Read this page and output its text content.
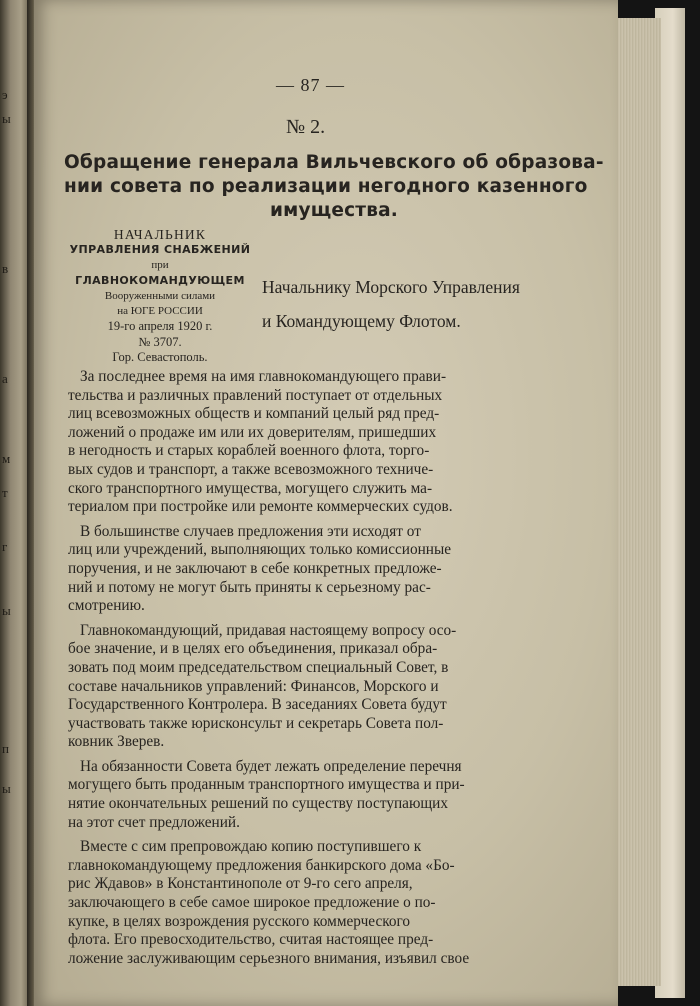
э
ы
в
а
м
т
г
ы
п
ы
— 87 —
№ 2.
Обращение генерала Вильчевского об образова-
нии совета по реализации негодного казенного
имущества.
НАЧАЛЬНИК
УПРАВЛЕНИЯ СНАБЖЕНИЙ
при
ГЛАВНОКОМАНДУЮЩЕМ
Вооруженными силами
на ЮГЕ РОССИИ
19-го апреля 1920 г.
№ 3707.
Гор. Севастополь.
Начальнику Морского Управления
и Командующему Флотом.
За последнее время на имя главнокомандующего прави-
тельства и различных правлений поступает от отдельных
лиц всевозможных обществ и компаний целый ряд пред-
ложений о продаже им или их доверителям, пришедших
в негодность и старых кораблей военного флота, торго-
вых судов и транспорт, а также всевозможного техниче-
ского транспортного имущества, могущего служить ма-
териалом при постройке или ремонте коммерческих судов.
В большинстве случаев предложения эти исходят от
лиц или учреждений, выполняющих только комиссионные
поручения, и не заключают в себе конкретных предложе-
ний и потому не могут быть приняты к серьезному рас-
смотрению.
Главнокомандующий, придавая настоящему вопросу осо-
бое значение, и в целях его объединения, приказал обра-
зовать под моим председательством специальный Совет, в
составе начальников управлений: Финансов, Морского и
Государственного Контролера. В заседаниях Совета будут
участвовать также юрисконсульт и секретарь Совета пол-
ковник Зверев.
На обязанности Совета будет лежать определение перечня
могущего быть проданным транспортного имущества и при-
нятие окончательных решений по существу поступающих
на этот счет предложений.
Вместе с сим препровождаю копию поступившего к
главнокомандующему предложения банкирского дома «Бо-
рис Ждавов» в Константинополе от 9-го сего апреля,
заключающего в себе самое широкое предложение о по-
купке, в целях возрождения русского коммерческого
флота. Его превосходительство, считая настоящее пред-
ложение заслуживающим серьезного внимания, изъявил свое
